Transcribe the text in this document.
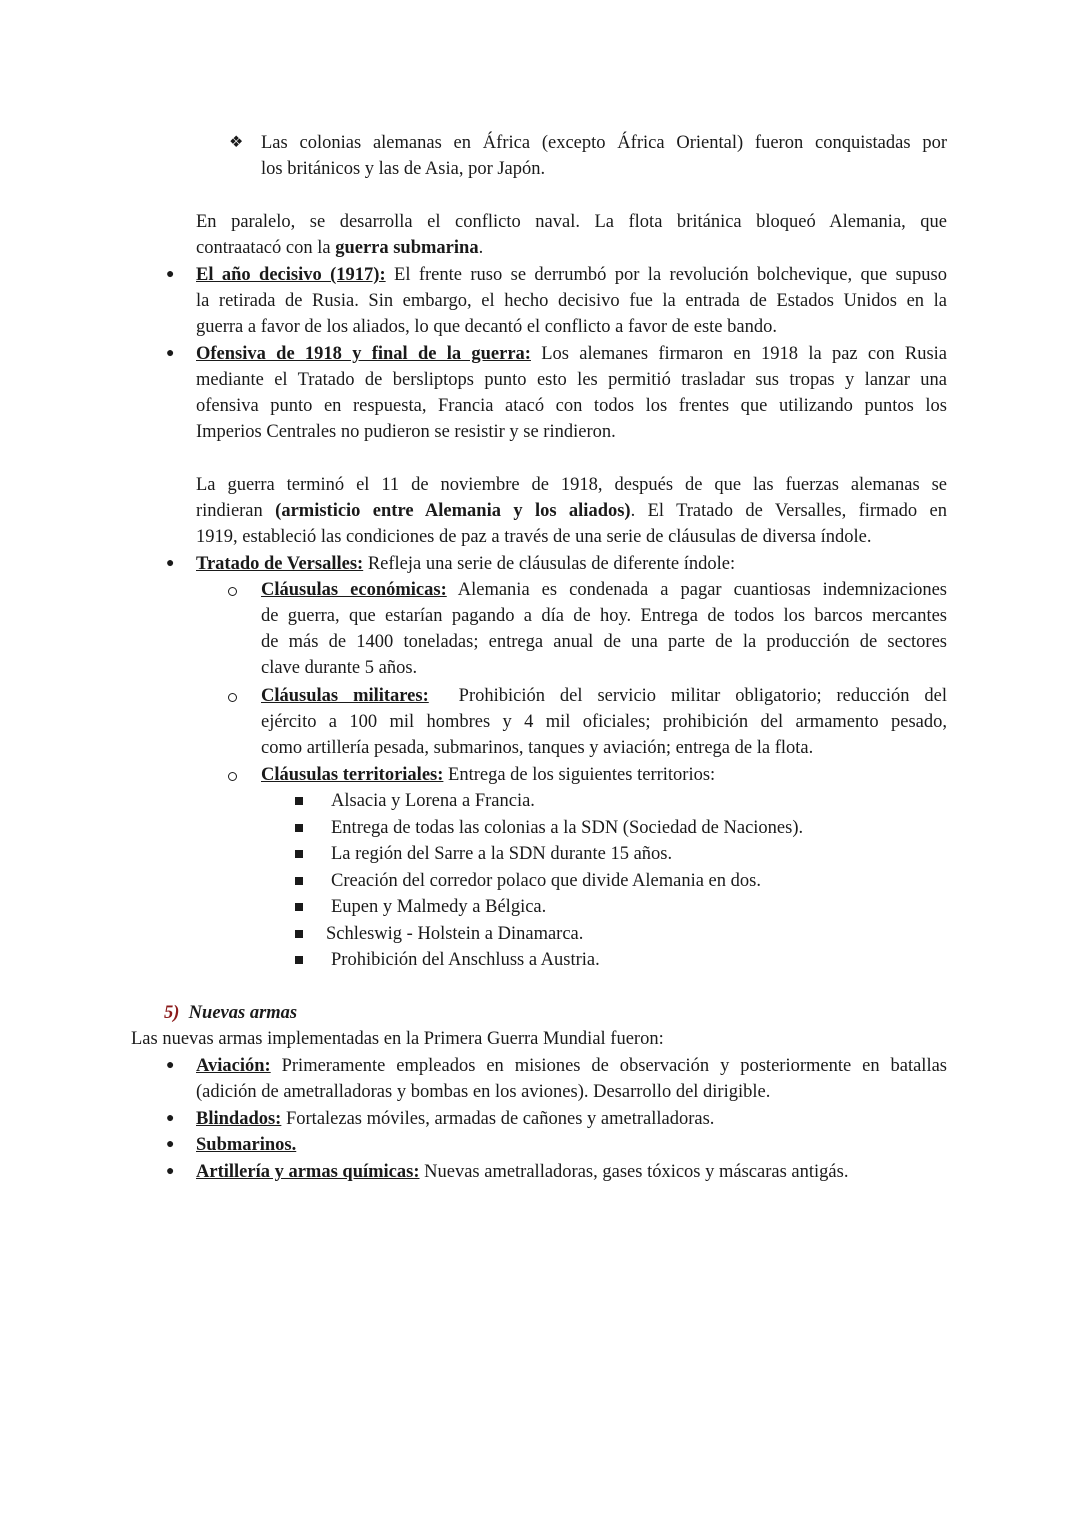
❖ Las colonias alemanas en África (excepto África Oriental) fueron conquistadas por
los británicos y las de Asia, por Japón.
En paralelo, se desarrolla el conflicto naval. La flota británica bloqueó Alemania, que
contraatacó con la guerra submarina.
● El año decisivo (1917): El frente ruso se derrumbó por la revolución bolchevique, que supuso
la retirada de Rusia. Sin embargo, el hecho decisivo fue la entrada de Estados Unidos en la
guerra a favor de los aliados, lo que decantó el conflicto a favor de este bando.
● Ofensiva de 1918 y final de la guerra: Los alemanes firmaron en 1918 la paz con Rusia
mediante el Tratado de bersliptops punto esto les permitió trasladar sus tropas y lanzar una
ofensiva punto en respuesta, Francia atacó con todos los frentes que utilizando puntos los
Imperios Centrales no pudieron se resistir y se rindieron.
La guerra terminó el 11 de noviembre de 1918, después de que las fuerzas alemanas se
rindieran (armisticio entre Alemania y los aliados). El Tratado de Versalles, firmado en
1919, estableció las condiciones de paz a través de una serie de cláusulas de diversa índole.
● Tratado de Versalles: Refleja una serie de cláusulas de diferente índole:
Cláusulas económicas: Alemania es condenada a pagar cuantiosas indemnizaciones
de guerra, que estarían pagando a día de hoy. Entrega de todos los barcos mercantes
de más de 1400 toneladas; entrega anual de una parte de la producción de sectores
clave durante 5 años.
Cláusulas militares:  Prohibición del servicio militar obligatorio; reducción del
ejército a 100 mil hombres y 4 mil oficiales; prohibición del armamento pesado,
como artillería pesada, submarinos, tanques y aviación; entrega de la flota.
Cláusulas territoriales: Entrega de los siguientes territorios:
Alsacia y Lorena a Francia.
Entrega de todas las colonias a la SDN (Sociedad de Naciones).
La región del Sarre a la SDN durante 15 años.
Creación del corredor polaco que divide Alemania en dos.
Eupen y Malmedy a Bélgica.
Schleswig - Holstein a Dinamarca.
Prohibición del Anschluss a Austria.
5) Nuevas armas
Las nuevas armas implementadas en la Primera Guerra Mundial fueron:
● Aviación: Primeramente empleados en misiones de observación y posteriormente en batallas
(adición de ametralladoras y bombas en los aviones). Desarrollo del dirigible.
● Blindados: Fortalezas móviles, armadas de cañones y ametralladoras.
● Submarinos.
● Artillería y armas químicas: Nuevas ametralladoras, gases tóxicos y máscaras antigás.
